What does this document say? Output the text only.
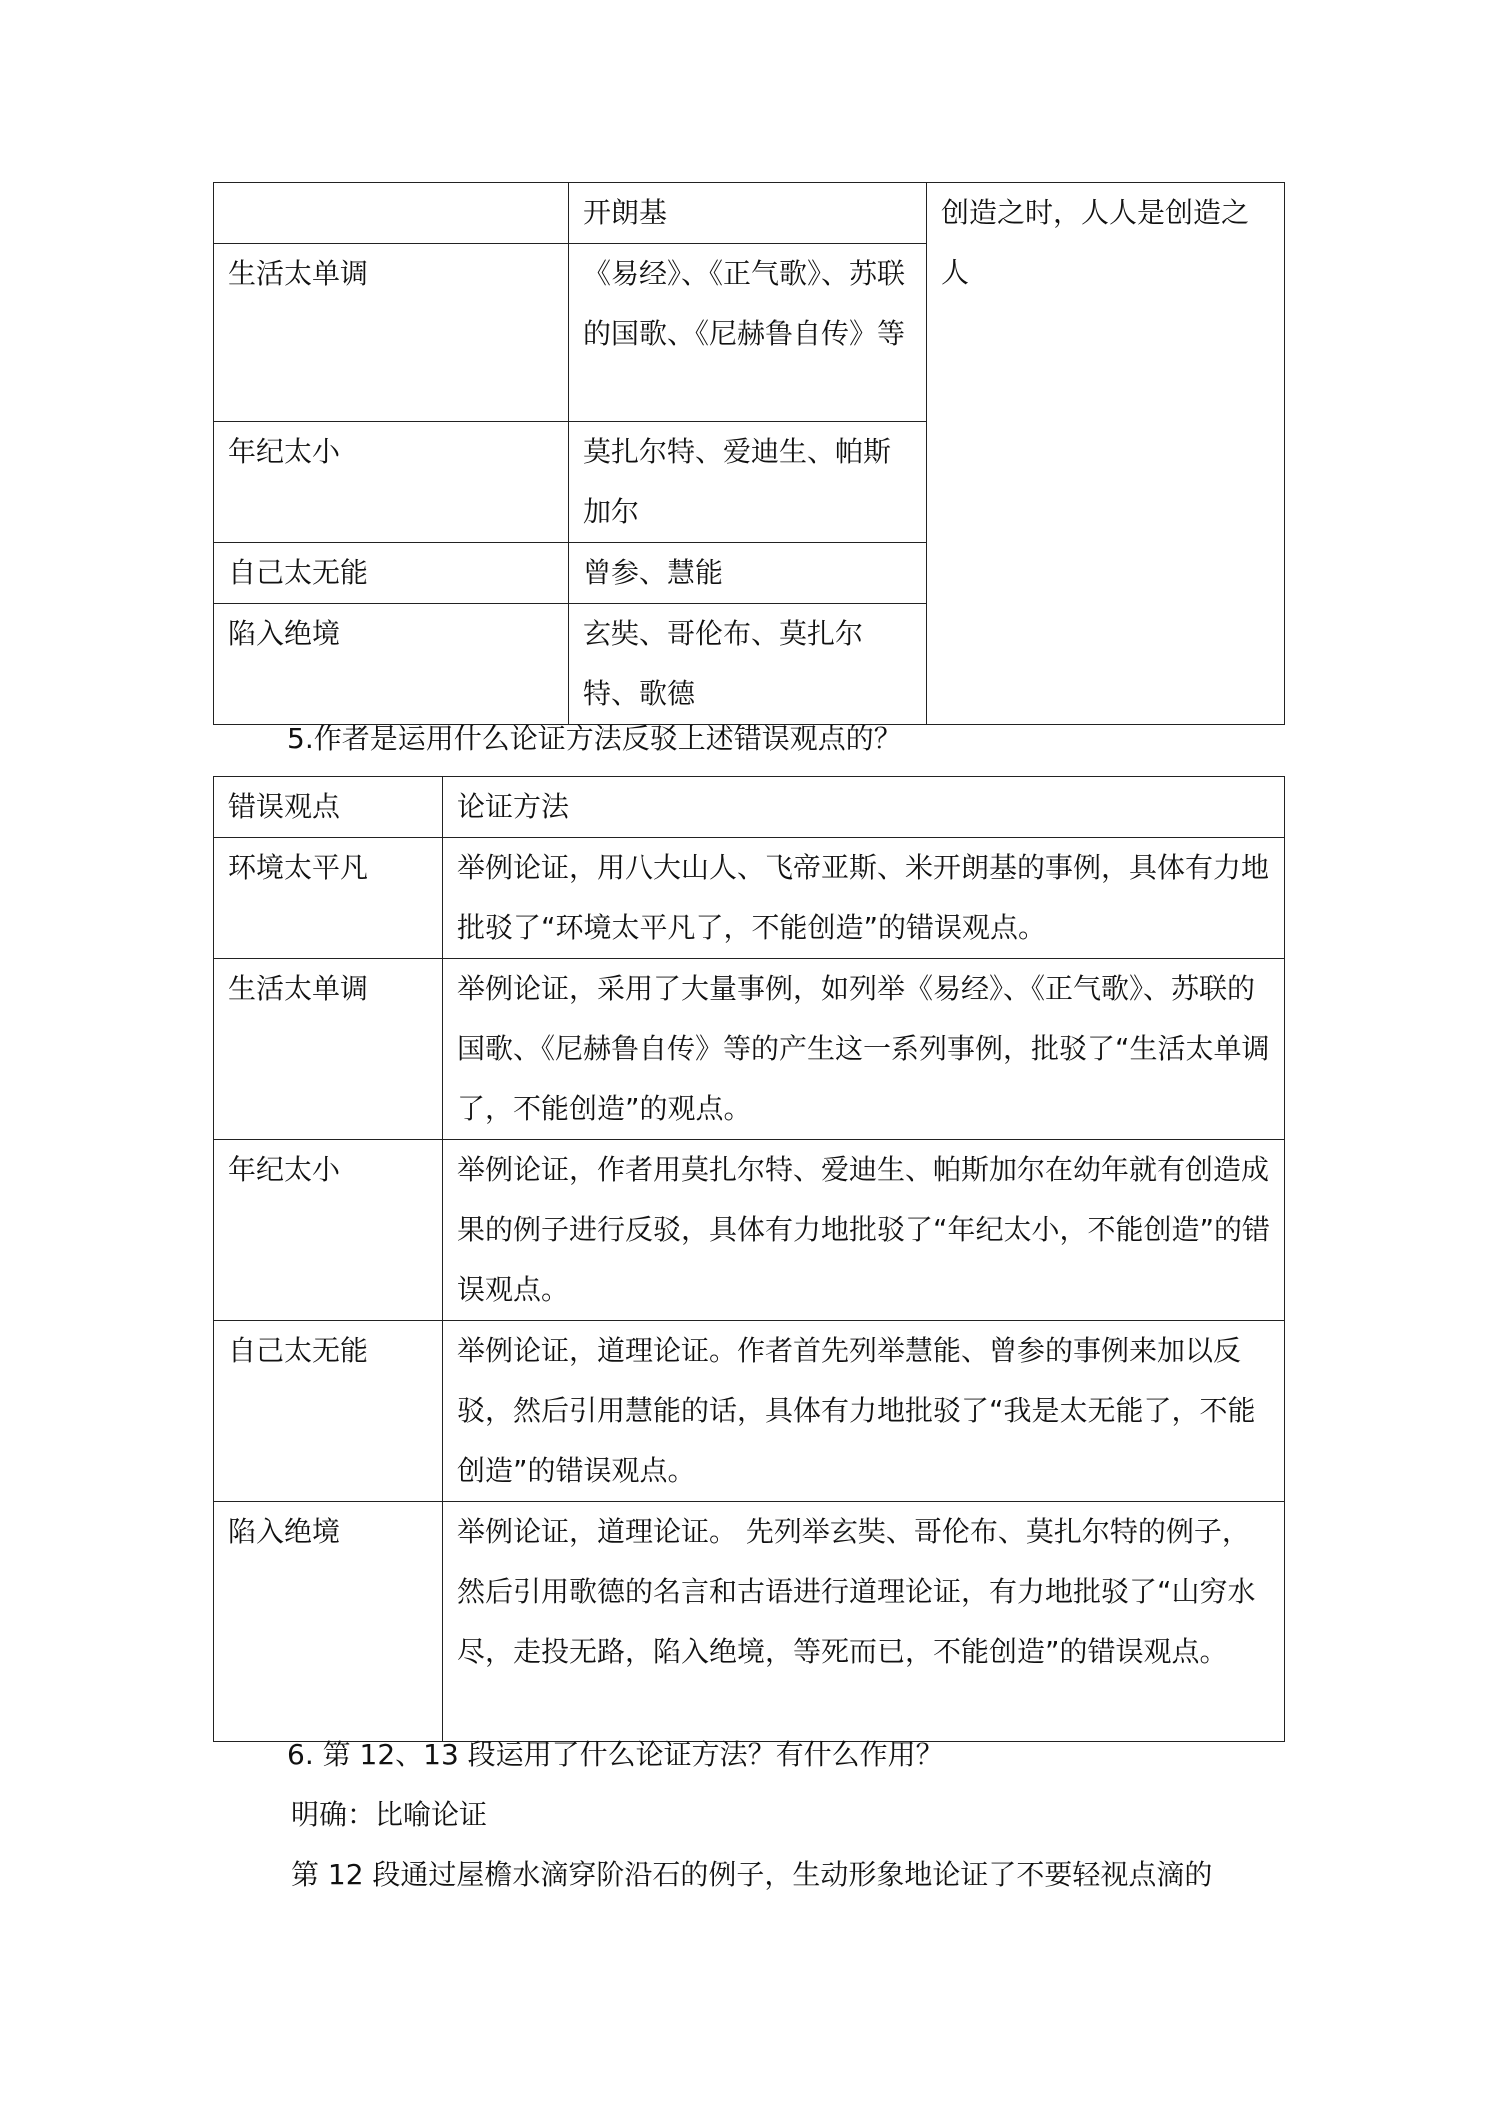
	开朗基	创造之时，人人是创造之人
生活太单调	《易经》、《正气歌》、苏联的国歌、《尼赫鲁自传》等	
年纪太小	莫扎尔特、爱迪生、帕斯加尔	
自己太无能	曾参、慧能	
陷入绝境	玄奘、哥伦布、莫扎尔特、歌德	
5.作者是运用什么论证方法反驳上述错误观点的？
错误观点	论证方法
环境太平凡	举例论证，用八大山人、飞帝亚斯、米开朗基的事例，具体有力地批驳了“环境太平凡了，不能创造”的错误观点。
生活太单调	举例论证，采用了大量事例，如列举《易经》、《正气歌》、苏联的国歌、《尼赫鲁自传》等的产生这一系列事例，批驳了“生活太单调了，不能创造”的观点。
年纪太小	举例论证，作者用莫扎尔特、爱迪生、帕斯加尔在幼年就有创造成果的例子进行反驳，具体有力地批驳了“年纪太小，不能创造”的错误观点。
自己太无能	举例论证，道理论证。作者首先列举慧能、曾参的事例来加以反驳，然后引用慧能的话，具体有力地批驳了“我是太无能了，不能创造”的错误观点。
陷入绝境	举例论证，道理论证。 先列举玄奘、哥伦布、莫扎尔特的例子，然后引用歌德的名言和古语进行道理论证，有力地批驳了“山穷水尽，走投无路，陷入绝境，等死而已，不能创造”的错误观点。
6. 第 12、13 段运用了什么论证方法？有什么作用？
明确：比喻论证
第 12 段通过屋檐水滴穿阶沿石的例子，生动形象地论证了不要轻视点滴的
